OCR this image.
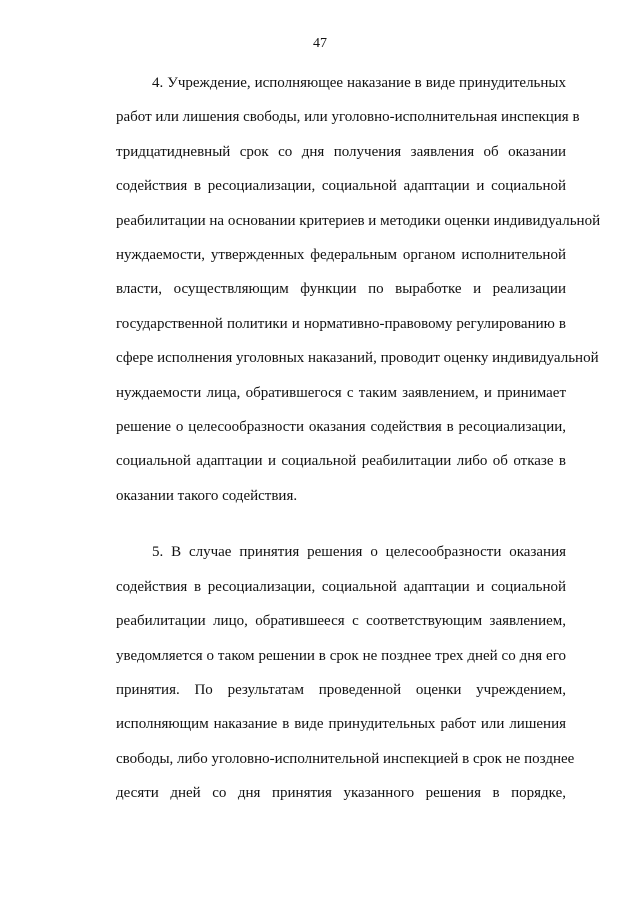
47
4. Учреждение, исполняющее наказание в виде принудительных
работ или лишения свободы, или уголовно-исполнительная инспекция в
тридцатидневный срок со дня получения заявления об оказании
содействия в ресоциализации, социальной адаптации и социальной
реабилитации на основании критериев и методики оценки индивидуальной
нуждаемости, утвержденных федеральным органом исполнительной
власти, осуществляющим функции по выработке и реализации
государственной политики и нормативно-правовому регулированию в
сфере исполнения уголовных наказаний, проводит оценку индивидуальной
нуждаемости лица, обратившегося с таким заявлением, и принимает
решение о целесообразности оказания содействия в ресоциализации,
социальной адаптации и социальной реабилитации либо об отказе в
оказании такого содействия.
5. В случае принятия решения о целесообразности оказания
содействия в ресоциализации, социальной адаптации и социальной
реабилитации лицо, обратившееся с соответствующим заявлением,
уведомляется о таком решении в срок не позднее трех дней со дня его
принятия. По результатам проведенной оценки учреждением,
исполняющим наказание в виде принудительных работ или лишения
свободы, либо уголовно-исполнительной инспекцией в срок не позднее
десяти дней со дня принятия указанного решения в порядке,
